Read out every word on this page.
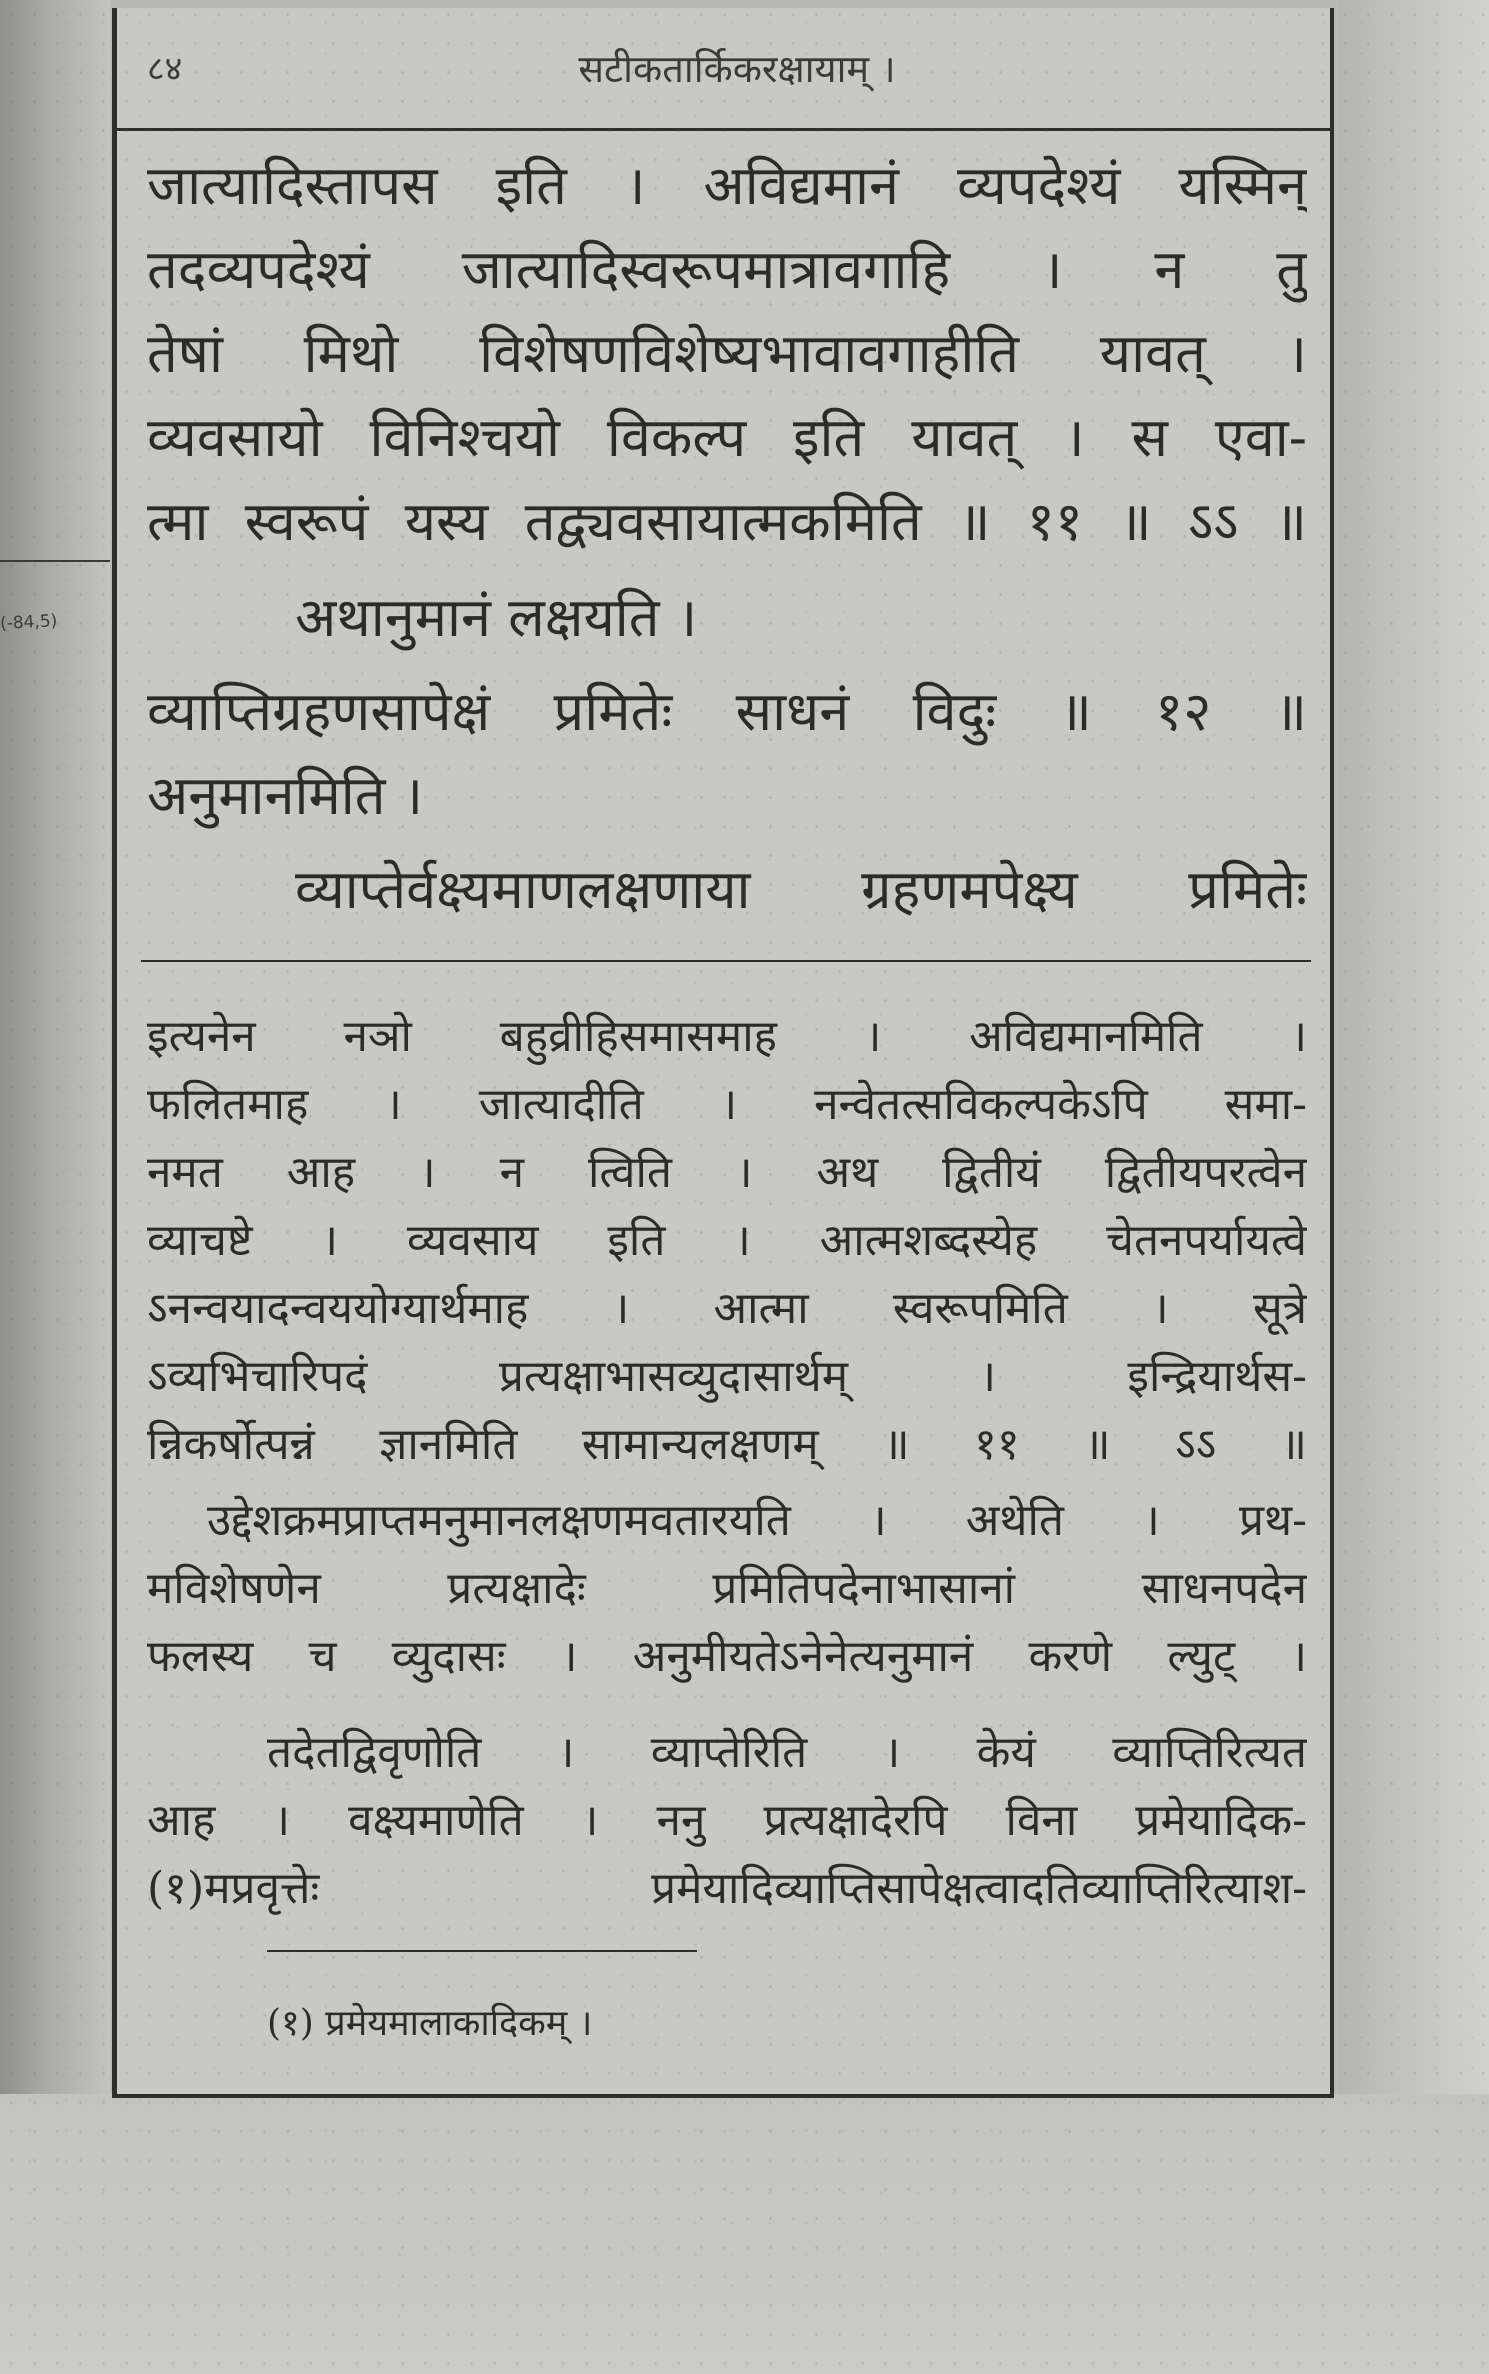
(-84,5)
८४	सटीकतार्किकरक्षायाम् ।

जात्यादिस्तापस इति । अविद्यमानं व्यपदेश्यं यस्मिन्

तदव्यपदेश्यं जात्यादिस्वरूपमात्रावगाहि । न तु

तेषां मिथो विशेषणविशेष्यभावावगाहीति यावत् ।

व्यवसायो विनिश्चयो विकल्प इति यावत् । स एवा-

त्मा स्वरूपं यस्य तद्व्यवसायात्मकमिति ॥ ११ ॥ ऽऽ ॥

अथानुमानं लक्षयति ।

व्याप्तिग्रहणसापेक्षं प्रमितेः साधनं विदुः ॥ १२ ॥

अनुमानमिति ।

व्याप्तेर्वक्ष्यमाणलक्षणाया ग्रहणमपेक्ष्य प्रमितेः

इत्यनेन नञो बहुव्रीहिसमासमाह । अविद्यमानमिति ।

फलितमाह । जात्यादीति । नन्वेतत्सविकल्पकेऽपि समा-

नमत आह । न त्विति । अथ द्वितीयं द्वितीयपरत्वेन

व्याचष्टे । व्यवसाय इति । आत्मशब्दस्येह चेतनपर्यायत्वे

ऽनन्वयादन्वययोग्यार्थमाह । आत्मा स्वरूपमिति । सूत्रे

ऽव्यभिचारिपदं प्रत्यक्षाभासव्युदासार्थम् । इन्द्रियार्थस-

न्निकर्षोत्पन्नं ज्ञानमिति सामान्यलक्षणम् ॥ ११ ॥ ऽऽ ॥

उद्देशक्रमप्राप्तमनुमानलक्षणमवतारयति । अथेति । प्रथ-

मविशेषणेन प्रत्यक्षादेः प्रमितिपदेनाभासानां साधनपदेन

फलस्य च व्युदासः । अनुमीयतेऽनेनेत्यनुमानं करणे ल्युट् ।

तदेतद्विवृणोति । व्याप्तेरिति । केयं व्याप्तिरित्यत

आह । वक्ष्यमाणेति । ननु प्रत्यक्षादेरपि विना प्रमेयादिक-

(१)मप्रवृत्तेः प्रमेयादिव्याप्तिसापेक्षत्वादतिव्याप्तिरित्याश-

(१) प्रमेयमालाकादिकम् ।
